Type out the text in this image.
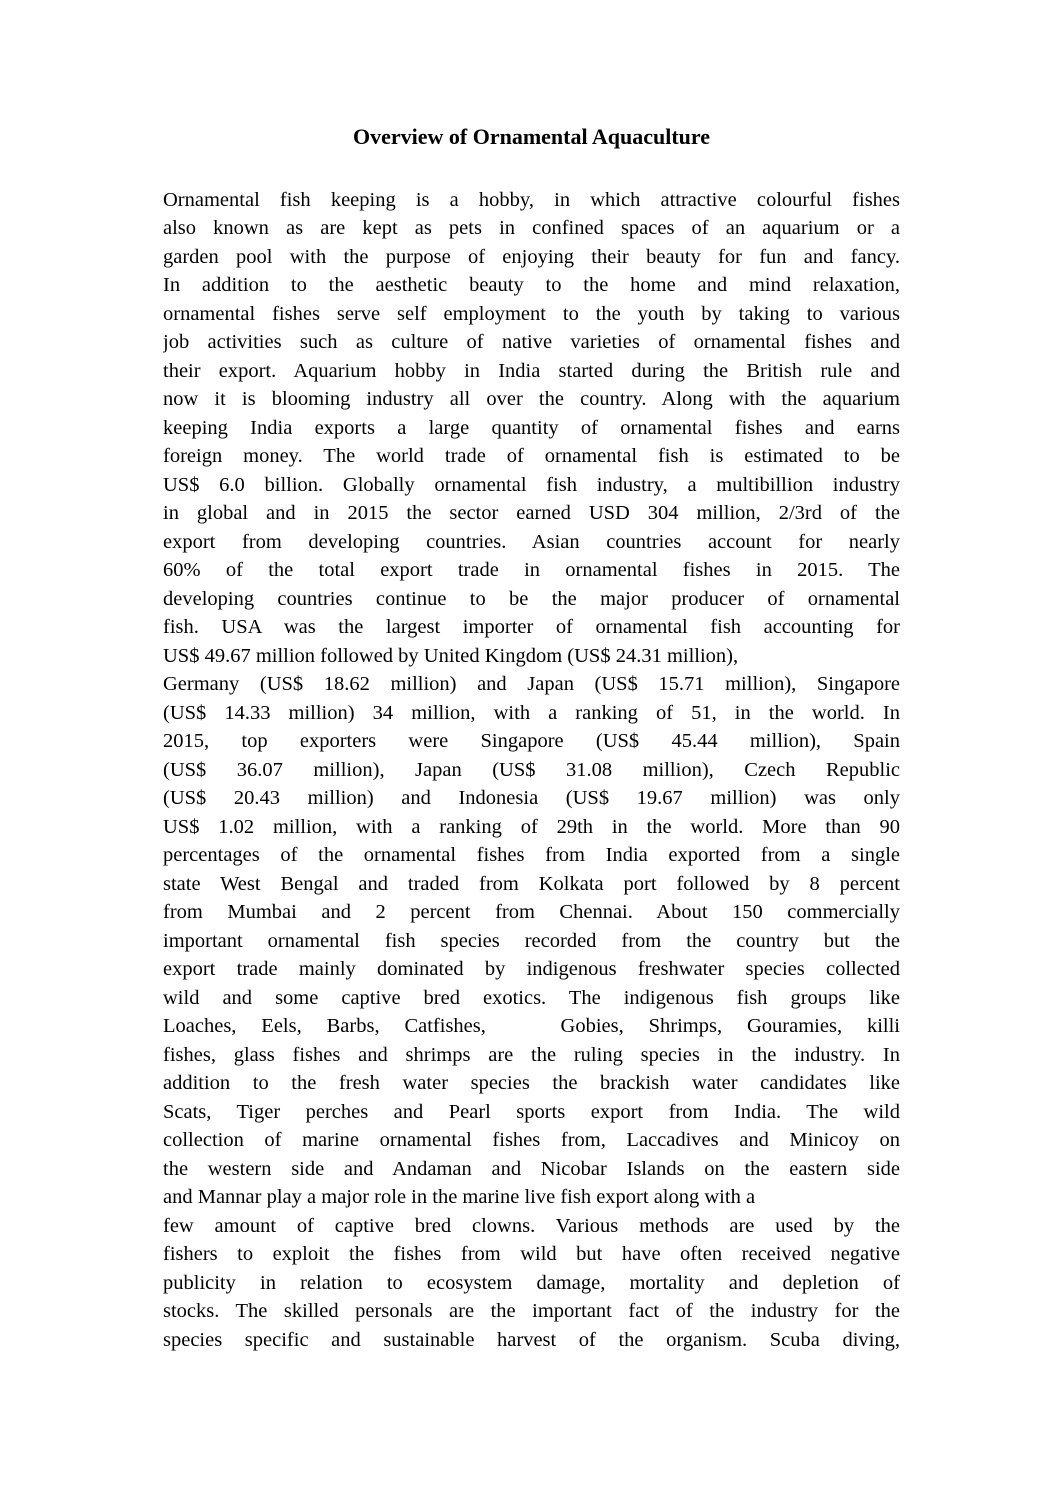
Overview of Ornamental Aquaculture
Ornamental fish keeping is a hobby, in which attractive colourful fishes
also known as are kept as pets in confined spaces of an aquarium or a
garden pool with the purpose of enjoying their beauty for fun and fancy.
In addition to the aesthetic beauty to the home and mind relaxation,
ornamental fishes serve self employment to the youth by taking to various
job activities such as culture of native varieties of ornamental fishes and
their export. Aquarium hobby in India started during the British rule and
now it is blooming industry all over the country. Along with the aquarium
keeping India exports a large quantity of ornamental fishes and earns
foreign money. The world trade of ornamental fish is estimated to be
US$ 6.0 billion. Globally ornamental fish industry, a multibillion industry
in global and in 2015 the sector earned USD 304 million, 2/3rd of the
export from developing countries. Asian countries account for nearly
60% of the total export trade in ornamental fishes in 2015. The
developing countries continue to be the major producer of ornamental
fish. USA was the largest importer of ornamental fish accounting for
US$ 49.67 million followed by United Kingdom (US$ 24.31 million),
Germany (US$ 18.62 million) and Japan (US$ 15.71 million), Singapore
(US$ 14.33 million) 34 million, with a ranking of 51, in the world. In
2015, top exporters were Singapore (US$ 45.44 million), Spain
(US$ 36.07 million), Japan (US$ 31.08 million), Czech Republic
(US$ 20.43 million) and Indonesia (US$ 19.67 million) was only
US$ 1.02 million, with a ranking of 29th in the world. More than 90
percentages of the ornamental fishes from India exported from a single
state West Bengal and traded from Kolkata port followed by 8 percent
from Mumbai and 2 percent from Chennai. About 150 commercially
important ornamental fish species recorded from the country but the
export trade mainly dominated by indigenous freshwater species collected
wild and some captive bred exotics. The indigenous fish groups like
Loaches, Eels, Barbs, Catfishes,   Gobies, Shrimps, Gouramies, killi
fishes, glass fishes and shrimps are the ruling species in the industry. In
addition to the fresh water species the brackish water candidates like
Scats, Tiger perches and Pearl sports export from India. The wild
collection of marine ornamental fishes from, Laccadives and Minicoy on
the western side and Andaman and Nicobar Islands on the eastern side
and Mannar play a major role in the marine live fish export along with a
few amount of captive bred clowns. Various methods are used by the
fishers to exploit the fishes from wild but have often received negative
publicity in relation to ecosystem damage, mortality and depletion of
stocks. The skilled personals are the important fact of the industry for the
species specific and sustainable harvest of the organism. Scuba diving,
